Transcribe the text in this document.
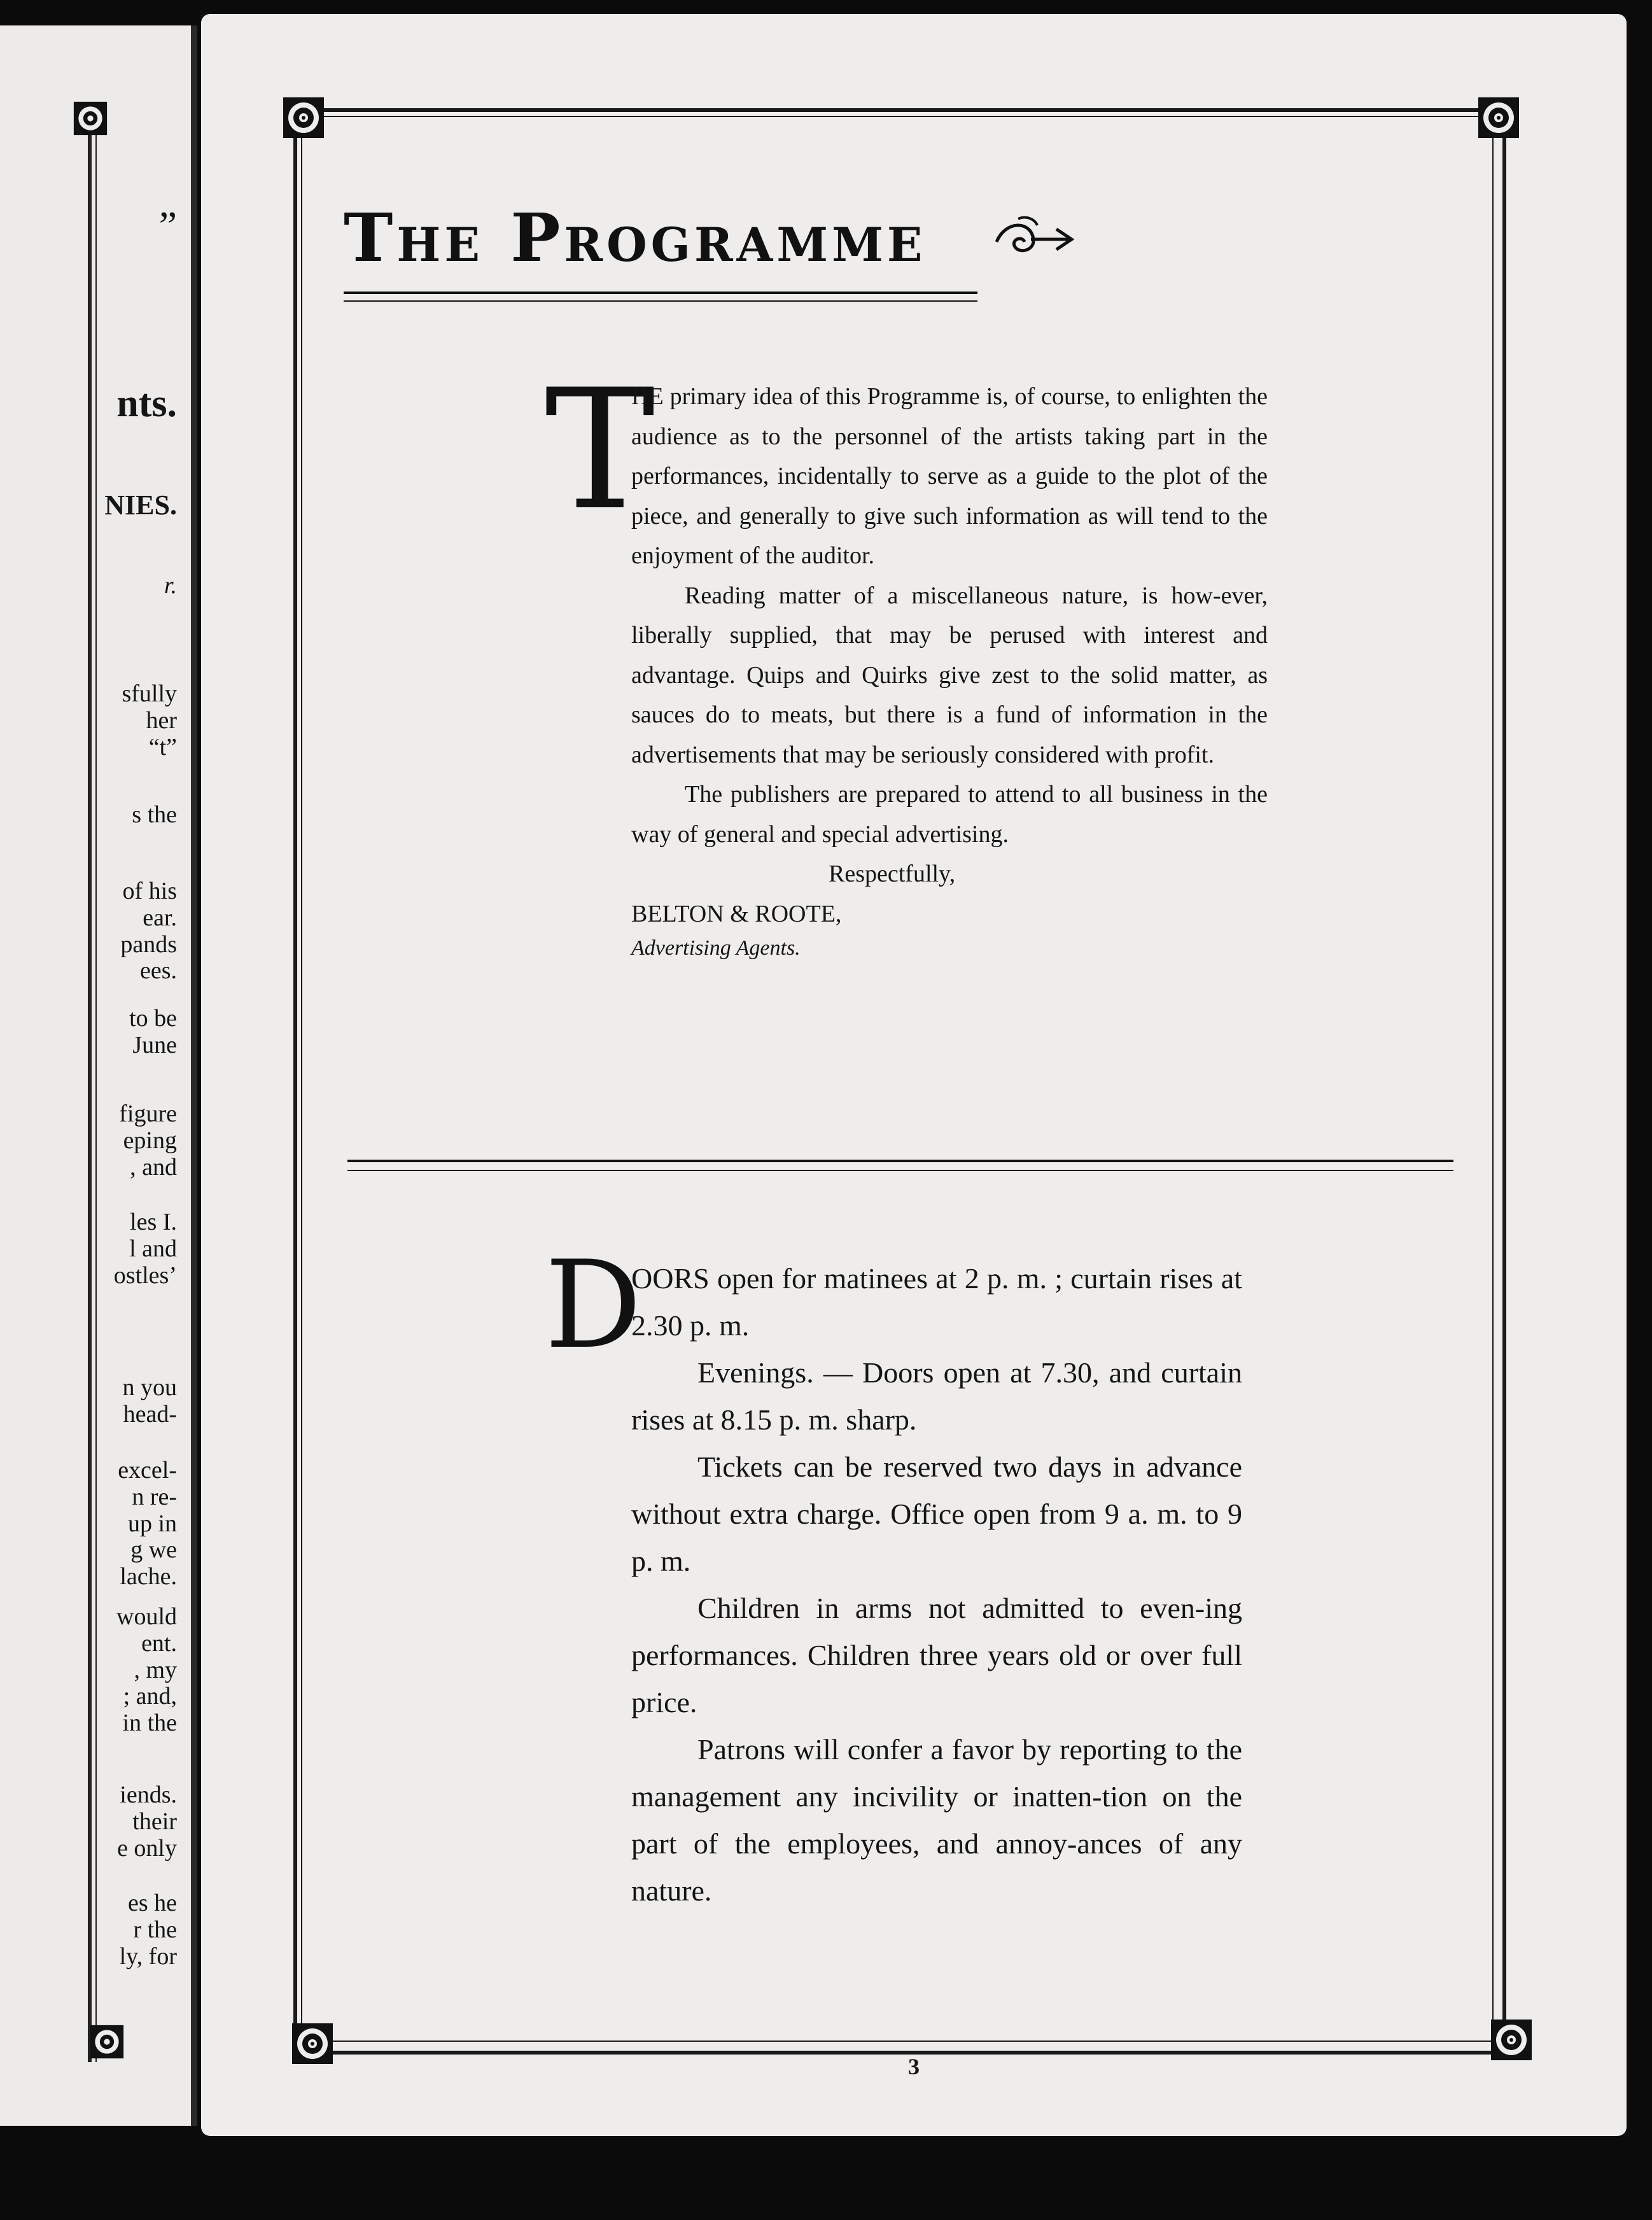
”

nts.

NIES.

r.

sfully
her
“t”

s the

of his
ear.
pands
ees.

to be
June

figure
eping
, and

les I.
l and
ostles’

n you
head-

excel-
n re-
up in
g we
lache.

would
ent.
, my
; and,
in the

iends.
their
e only

es he
r the
ly, for

The Programme
T

HE primary idea of this Programme is, of course, to enlighten the audience as to the personnel of the artists taking part in the performances, incidentally to serve as a guide to the plot of the piece, and generally to give such information as will tend to the enjoyment of the auditor.

Reading matter of a miscellaneous nature, is how-ever, liberally supplied, that may be perused with interest and advantage. Quips and Quirks give zest to the solid matter, as sauces do to meats, but there is a fund of information in the advertisements that may be seriously considered with profit.

The publishers are prepared to attend to all business in the way of general and special advertising.

Respectfully,

BELTON & ROOTE,

Advertising Agents.

D

OORS open for matinees at 2 p. m. ; curtain rises at 2.30 p. m.

Evenings. — Doors open at 7.30, and curtain rises at 8.15 p. m. sharp.

Tickets can be reserved two days in advance without extra charge. Office open from 9 a. m. to 9 p. m.

Children in arms not admitted to even-ing performances. Children three years old or over full price.

Patrons will confer a favor by reporting to the management any incivility or inatten-tion on the part of the employees, and annoy-ances of any nature.

3
